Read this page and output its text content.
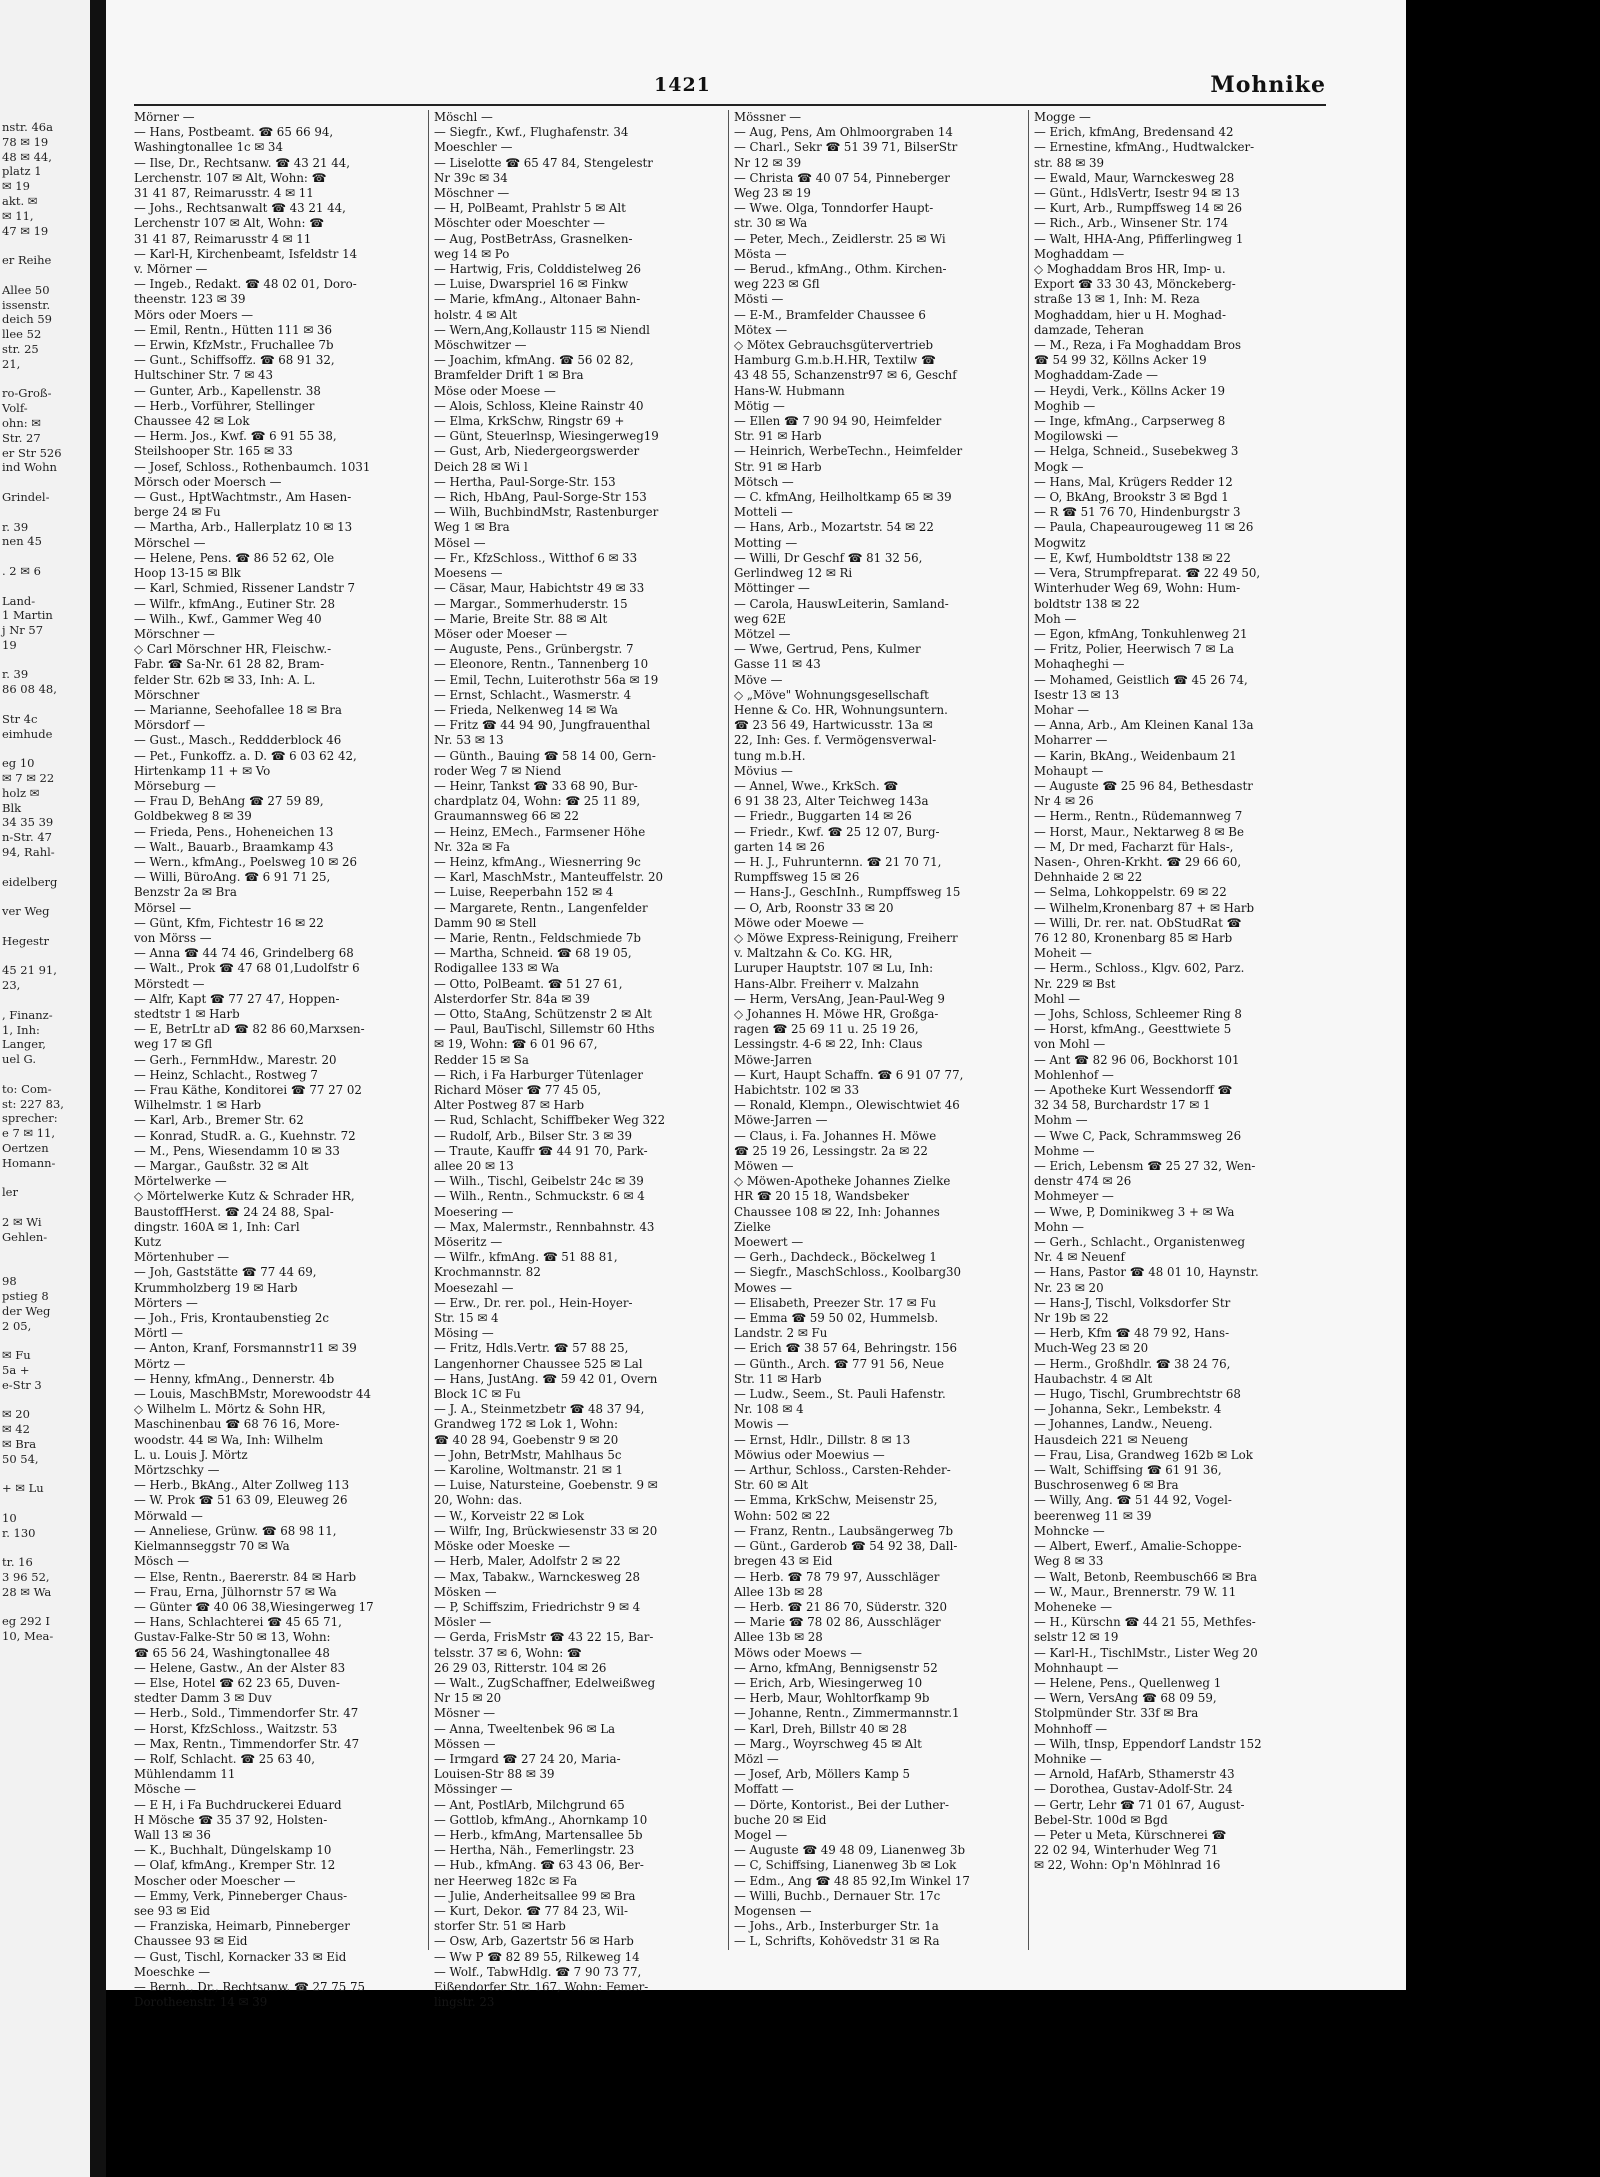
nstr. 46a
78 ✉ 19
48 ✉ 44,
platz 1
✉ 19
akt. ✉
✉ 11,
47 ✉ 19

er Reihe

Allee 50
issenstr.
deich 59
llee 52
str. 25
21,

ro-Groß-
Volf-
ohn: ✉
Str. 27
er Str 526
ind Wohn

Grindel-

r. 39
nen 45

. 2 ✉ 6

Land-
1 Martin
j Nr 57
19

r. 39
86 08 48,

Str 4c
eimhude

eg 10
✉ 7 ✉ 22
holz ✉
Blk
34 35 39
n-Str. 47
94, Rahl-

eidelberg

ver Weg

Hegestr

45 21 91,
23,

, Finanz-
1, Inh:
Langer,
uel G.

to: Com-
st: 227 83,
sprecher:
e 7 ✉ 11,
Oertzen
Homann-

ler

2 ✉ Wi
Gehlen-

98
pstieg 8
der Weg
2 05,

✉ Fu
5a +
e-Str 3

✉ 20
✉ 42
✉ Bra
50 54,

+ ✉ Lu

10
r. 130

tr. 16
3 96 52,
28 ✉ Wa

eg 292 I
10, Mea-
1421	Mohnike
Mörner —
— Hans, Postbeamt. ☎ 65 66 94,
Washingtonallee 1c ✉ 34
— Ilse, Dr., Rechtsanw. ☎ 43 21 44,
Lerchenstr. 107 ✉ Alt, Wohn: ☎
31 41 87, Reimarusstr. 4 ✉ 11
— Johs., Rechtsanwalt ☎ 43 21 44,
Lerchenstr 107 ✉ Alt, Wohn: ☎
31 41 87, Reimarusstr 4 ✉ 11
— Karl-H, Kirchenbeamt, Isfeldstr 14
v. Mörner —
— Ingeb., Redakt. ☎ 48 02 01, Doro-
theenstr. 123 ✉ 39
Mörs oder Moers —
— Emil, Rentn., Hütten 111 ✉ 36
— Erwin, KfzMstr., Fruchallee 7b
— Gunt., Schiffsoffz. ☎ 68 91 32,
Hultschiner Str. 7 ✉ 43
— Gunter, Arb., Kapellenstr. 38
— Herb., Vorführer, Stellinger
Chaussee 42 ✉ Lok
— Herm. Jos., Kwf. ☎ 6 91 55 38,
Steilshooper Str. 165 ✉ 33
— Josef, Schloss., Rothenbaumch. 1031
Mörsch oder Moersch —
— Gust., HptWachtmstr., Am Hasen-
berge 24 ✉ Fu
— Martha, Arb., Hallerplatz 10 ✉ 13
Mörschel —
— Helene, Pens. ☎ 86 52 62, Ole
Hoop 13-15 ✉ Blk
— Karl, Schmied, Rissener Landstr 7
— Wilfr., kfmAng., Eutiner Str. 28
— Wilh., Kwf., Gammer Weg 40
Mörschner —
◇ Carl Mörschner HR, Fleischw.-
Fabr. ☎ Sa-Nr. 61 28 82, Bram-
felder Str. 62b ✉ 33, Inh: A. L.
Mörschner
— Marianne, Seehofallee 18 ✉ Bra
Mörsdorf —
— Gust., Masch., Reddderblock 46
— Pet., Funkoffz. a. D. ☎ 6 03 62 42,
Hirtenkamp 11 + ✉ Vo
Mörseburg —
— Frau D, BehAng ☎ 27 59 89,
Goldbekweg 8 ✉ 39
— Frieda, Pens., Hoheneichen 13
— Walt., Bauarb., Braamkamp 43
— Wern., kfmAng., Poelsweg 10 ✉ 26
— Willi, BüroAng. ☎ 6 91 71 25,
Benzstr 2a ✉ Bra
Mörsel —
— Günt, Kfm, Fichtestr 16 ✉ 22
von Mörss —
— Anna ☎ 44 74 46, Grindelberg 68
— Walt., Prok ☎ 47 68 01,Ludolfstr 6
Mörstedt —
— Alfr, Kapt ☎ 77 27 47, Hoppen-
stedtstr 1 ✉ Harb
— E, BetrLtr aD ☎ 82 86 60,Marxsen-
weg 17 ✉ Gfl
— Gerh., FernmHdw., Marestr. 20
— Heinz, Schlacht., Rostweg 7
— Frau Käthe, Konditorei ☎ 77 27 02
Wilhelmstr. 1 ✉ Harb
— Karl, Arb., Bremer Str. 62
— Konrad, StudR. a. G., Kuehnstr. 72
— M., Pens, Wiesendamm 10 ✉ 33
— Margar., Gaußstr. 32 ✉ Alt
Mörtelwerke —
◇ Mörtelwerke Kutz & Schrader HR,
BaustoffHerst. ☎ 24 24 88, Spal-
dingstr. 160A ✉ 1, Inh: Carl
Kutz
Mörtenhuber —
— Joh, Gaststätte ☎ 77 44 69,
Krummholzberg 19 ✉ Harb
Mörters —
— Joh., Fris, Krontaubenstieg 2c
Mörtl —
— Anton, Kranf, Forsmannstr11 ✉ 39
Mörtz —
— Henny, kfmAng., Dennerstr. 4b
— Louis, MaschBMstr, Morewoodstr 44
◇ Wilhelm L. Mörtz & Sohn HR,
Maschinenbau ☎ 68 76 16, More-
woodstr. 44 ✉ Wa, Inh: Wilhelm
L. u. Louis J. Mörtz
Mörtzschky —
— Herb., BkAng., Alter Zollweg 113
— W. Prok ☎ 51 63 09, Eleuweg 26
Mörwald —
— Anneliese, Grünw. ☎ 68 98 11,
Kielmannseggstr 70 ✉ Wa
Mösch —
— Else, Rentn., Baererstr. 84 ✉ Harb
— Frau, Erna, Jülhornstr 57 ✉ Wa
— Günter ☎ 40 06 38,Wiesingerweg 17
— Hans, Schlachterei ☎ 45 65 71,
Gustav-Falke-Str 50 ✉ 13, Wohn:
☎ 65 56 24, Washingtonallee 48
— Helene, Gastw., An der Alster 83
— Else, Hotel ☎ 62 23 65, Duven-
stedter Damm 3 ✉ Duv
— Herb., Sold., Timmendorfer Str. 47
— Horst, KfzSchloss., Waitzstr. 53
— Max, Rentn., Timmendorfer Str. 47
— Rolf, Schlacht. ☎ 25 63 40,
Mühlendamm 11
Mösche —
— E H, i Fa Buchdruckerei Eduard
H Mösche ☎ 35 37 92, Holsten-
Wall 13 ✉ 36
— K., Buchhalt, Düngelskamp 10
— Olaf, kfmAng., Kremper Str. 12
Moscher oder Moescher —
— Emmy, Verk, Pinneberger Chaus-
see 93 ✉ Eid
— Franziska, Heimarb, Pinneberger
Chaussee 93 ✉ Eid
— Gust, Tischl, Kornacker 33 ✉ Eid
Moeschke —
— Bernh., Dr., Rechtsanw. ☎ 27 75 75
Dorotheenstr. 14 ✉ 39
Möschl —
— Siegfr., Kwf., Flughafenstr. 34
Moeschler —
— Liselotte ☎ 65 47 84, Stengelestr
Nr 39c ✉ 34
Möschner —
— H, PolBeamt, Prahlstr 5 ✉ Alt
Möschter oder Moeschter —
— Aug, PostBetrAss, Grasnelken-
weg 14 ✉ Po
— Hartwig, Fris, Colddistelweg 26
— Luise, Dwarspriel 16 ✉ Finkw
— Marie, kfmAng., Altonaer Bahn-
holstr. 4 ✉ Alt
— Wern,Ang,Kollaustr 115 ✉ Niendl
Möschwitzer —
— Joachim, kfmAng. ☎ 56 02 82,
Bramfelder Drift 1 ✉ Bra
Möse oder Moese —
— Alois, Schloss, Kleine Rainstr 40
— Elma, KrkSchw, Ringstr 69 +
— Günt, Steuerlnsp, Wiesingerweg19
— Gust, Arb, Niedergeorgswerder
Deich 28 ✉ Wi l
— Hertha, Paul-Sorge-Str. 153
— Rich, HbAng, Paul-Sorge-Str 153
— Wilh, BuchbindMstr, Rastenburger
Weg 1 ✉ Bra
Mösel —
— Fr., KfzSchloss., Witthof 6 ✉ 33
Moesens —
— Cäsar, Maur, Habichtstr 49 ✉ 33
— Margar., Sommerhuderstr. 15
— Marie, Breite Str. 88 ✉ Alt
Möser oder Moeser —
— Auguste, Pens., Grünbergstr. 7
— Eleonore, Rentn., Tannenberg 10
— Emil, Techn, Luiterothstr 56a ✉ 19
— Ernst, Schlacht., Wasmerstr. 4
— Frieda, Nelkenweg 14 ✉ Wa
— Fritz ☎ 44 94 90, Jungfrauenthal
Nr. 53 ✉ 13
— Günth., Bauing ☎ 58 14 00, Gern-
roder Weg 7 ✉ Niend
— Heinr, Tankst ☎ 33 68 90, Bur-
chardplatz 04, Wohn: ☎ 25 11 89,
Graumannsweg 66 ✉ 22
— Heinz, EMech., Farmsener Höhe
Nr. 32a ✉ Fa
— Heinz, kfmAng., Wiesnerring 9c
— Karl, MaschMstr., Manteuffelstr. 20
— Luise, Reeperbahn 152 ✉ 4
— Margarete, Rentn., Langenfelder
Damm 90 ✉ Stell
— Marie, Rentn., Feldschmiede 7b
— Martha, Schneid. ☎ 68 19 05,
Rodigallee 133 ✉ Wa
— Otto, PolBeamt. ☎ 51 27 61,
Alsterdorfer Str. 84a ✉ 39
— Otto, StaAng, Schützenstr 2 ✉ Alt
— Paul, BauTischl, Sillemstr 60 Hths
✉ 19, Wohn: ☎ 6 01 96 67,
Redder 15 ✉ Sa
— Rich, i Fa Harburger Tütenlager
Richard Möser ☎ 77 45 05,
Alter Postweg 87 ✉ Harb
— Rud, Schlacht, Schiffbeker Weg 322
— Rudolf, Arb., Bilser Str. 3 ✉ 39
— Traute, Kauffr ☎ 44 91 70, Park-
allee 20 ✉ 13
— Wilh., Tischl, Geibelstr 24c ✉ 39
— Wilh., Rentn., Schmuckstr. 6 ✉ 4
Moesering —
— Max, Malermstr., Rennbahnstr. 43
Möseritz —
— Wilfr., kfmAng. ☎ 51 88 81,
Krochmannstr. 82
Moesezahl —
— Erw., Dr. rer. pol., Hein-Hoyer-
Str. 15 ✉ 4
Mösing —
— Fritz, Hdls.Vertr. ☎ 57 88 25,
Langenhorner Chaussee 525 ✉ Lal
— Hans, JustAng. ☎ 59 42 01, Overn
Block 1C ✉ Fu
— J. A., Steinmetzbetr ☎ 48 37 94,
Grandweg 172 ✉ Lok 1, Wohn:
☎ 40 28 94, Goebenstr 9 ✉ 20
— John, BetrMstr, Mahlhaus 5c
— Karoline, Woltmanstr. 21 ✉ 1
— Luise, Natursteine, Goebenstr. 9 ✉
20, Wohn: das.
— W., Korveistr 22 ✉ Lok
— Wilfr, Ing, Brückwiesenstr 33 ✉ 20
Möske oder Moeske —
— Herb, Maler, Adolfstr 2 ✉ 22
— Max, Tabakw., Warnckesweg 28
Mösken —
— P, Schiffszim, Friedrichstr 9 ✉ 4
Mösler —
— Gerda, FrisMstr ☎ 43 22 15, Bar-
telsstr. 37 ✉ 6, Wohn: ☎
26 29 03, Ritterstr. 104 ✉ 26
— Walt., ZugSchaffner, Edelweißweg
Nr 15 ✉ 20
Mösner —
— Anna, Tweeltenbek 96 ✉ La
Mössen —
— Irmgard ☎ 27 24 20, Maria-
Louisen-Str 88 ✉ 39
Mössinger —
— Ant, PostlArb, Milchgrund 65
— Gottlob, kfmAng., Ahornkamp 10
— Herb., kfmAng, Martensallee 5b
— Hertha, Näh., Femerlingstr. 23
— Hub., kfmAng. ☎ 63 43 06, Ber-
ner Heerweg 182c ✉ Fa
— Julie, Anderheitsallee 99 ✉ Bra
— Kurt, Dekor. ☎ 77 84 23, Wil-
storfer Str. 51 ✉ Harb
— Osw, Arb, Gazertstr 56 ✉ Harb
— Ww P ☎ 82 89 55, Rilkeweg 14
— Wolf., TabwHdlg. ☎ 7 90 73 77,
Eißendorfer Str. 167, Wohn: Femer-
lingstr. 23
Mössner —
— Aug, Pens, Am Ohlmoorgraben 14
— Charl., Sekr ☎ 51 39 71, BilserStr
Nr 12 ✉ 39
— Christa ☎ 40 07 54, Pinneberger
Weg 23 ✉ 19
— Wwe. Olga, Tonndorfer Haupt-
str. 30 ✉ Wa
— Peter, Mech., Zeidlerstr. 25 ✉ Wi
Mösta —
— Berud., kfmAng., Othm. Kirchen-
weg 223 ✉ Gfl
Mösti —
— E-M., Bramfelder Chaussee 6
Mötex —
◇ Mötex Gebrauchsgütervertrieb
Hamburg G.m.b.H.HR, Textilw ☎
43 48 55, Schanzenstr97 ✉ 6, Geschf
Hans-W. Hubmann
Mötig —
— Ellen ☎ 7 90 94 90, Heimfelder
Str. 91 ✉ Harb
— Heinrich, WerbeTechn., Heimfelder
Str. 91 ✉ Harb
Mötsch —
— C. kfmAng, Heilholtkamp 65 ✉ 39
Motteli —
— Hans, Arb., Mozartstr. 54 ✉ 22
Motting —
— Willi, Dr Geschf ☎ 81 32 56,
Gerlindweg 12 ✉ Ri
Möttinger —
— Carola, HauswLeiterin, Samland-
weg 62E
Mötzel —
— Wwe, Gertrud, Pens, Kulmer
Gasse 11 ✉ 43
Möve —
◇ „Möve" Wohnungsgesellschaft
Henne & Co. HR, Wohnungsuntern.
☎ 23 56 49, Hartwicusstr. 13a ✉
22, Inh: Ges. f. Vermögensverwal-
tung m.b.H.
Mövius —
— Annel, Wwe., KrkSch. ☎
6 91 38 23, Alter Teichweg 143a
— Friedr., Buggarten 14 ✉ 26
— Friedr., Kwf. ☎ 25 12 07, Burg-
garten 14 ✉ 26
— H. J., Fuhrunternn. ☎ 21 70 71,
Rumpffsweg 15 ✉ 26
— Hans-J., GeschInh., Rumpffsweg 15
— O, Arb, Roonstr 33 ✉ 20
Möwe oder Moewe —
◇ Möwe Express-Reinigung, Freiherr
v. Maltzahn & Co. KG. HR,
Luruper Hauptstr. 107 ✉ Lu, Inh:
Hans-Albr. Freiherr v. Malzahn
— Herm, VersAng, Jean-Paul-Weg 9
◇ Johannes H. Möwe HR, Großga-
ragen ☎ 25 69 11 u. 25 19 26,
Lessingstr. 4-6 ✉ 22, Inh: Claus
Möwe-Jarren
— Kurt, Haupt Schaffn. ☎ 6 91 07 77,
Habichtstr. 102 ✉ 33
— Ronald, Klempn., Olewischtwiet 46
Möwe-Jarren —
— Claus, i. Fa. Johannes H. Möwe
☎ 25 19 26, Lessingstr. 2a ✉ 22
Möwen —
◇ Möwen-Apotheke Johannes Zielke
HR ☎ 20 15 18, Wandsbeker
Chaussee 108 ✉ 22, Inh: Johannes
Zielke
Moewert —
— Gerh., Dachdeck., Böckelweg 1
— Siegfr., MaschSchloss., Koolbarg30
Mowes —
— Elisabeth, Preezer Str. 17 ✉ Fu
— Emma ☎ 59 50 02, Hummelsb.
Landstr. 2 ✉ Fu
— Erich ☎ 38 57 64, Behringstr. 156
— Günth., Arch. ☎ 77 91 56, Neue
Str. 11 ✉ Harb
— Ludw., Seem., St. Pauli Hafenstr.
Nr. 108 ✉ 4
Mowis —
— Ernst, Hdlr., Dillstr. 8 ✉ 13
Möwius oder Moewius —
— Arthur, Schloss., Carsten-Rehder-
Str. 60 ✉ Alt
— Emma, KrkSchw, Meisenstr 25,
Wohn: 502 ✉ 22
— Franz, Rentn., Laubsängerweg 7b
— Günt., Garderob ☎ 54 92 38, Dall-
bregen 43 ✉ Eid
— Herb. ☎ 78 79 97, Ausschläger
Allee 13b ✉ 28
— Herb. ☎ 21 86 70, Süderstr. 320
— Marie ☎ 78 02 86, Ausschläger
Allee 13b ✉ 28
Möws oder Moews —
— Arno, kfmAng, Bennigsenstr 52
— Erich, Arb, Wiesingerweg 10
— Herb, Maur, Wohltorfkamp 9b
— Johanne, Rentn., Zimmermannstr.1
— Karl, Dreh, Billstr 40 ✉ 28
— Marg., Woyrschweg 45 ✉ Alt
Mözl —
— Josef, Arb, Möllers Kamp 5
Moffatt —
— Dörte, Kontorist., Bei der Luther-
buche 20 ✉ Eid
Mogel —
— Auguste ☎ 49 48 09, Lianenweg 3b
— C, Schiffsing, Lianenweg 3b ✉ Lok
— Edm., Ang ☎ 48 85 92,Im Winkel 17
— Willi, Buchb., Dernauer Str. 17c
Mogensen —
— Johs., Arb., Insterburger Str. 1a
— L, Schrifts, Kohövedstr 31 ✉ Ra
Mogge —
— Erich, kfmAng, Bredensand 42
— Ernestine, kfmAng., Hudtwalcker-
str. 88 ✉ 39
— Ewald, Maur, Warnckesweg 28
— Günt., HdlsVertr, Isestr 94 ✉ 13
— Kurt, Arb., Rumpffsweg 14 ✉ 26
— Rich., Arb., Winsener Str. 174
— Walt, HHA-Ang, Pfifferlingweg 1
Moghaddam —
◇ Moghaddam Bros HR, Imp- u.
Export ☎ 33 30 43, Mönckeberg-
straße 13 ✉ 1, Inh: M. Reza
Moghaddam, hier u H. Moghad-
damzade, Teheran
— M., Reza, i Fa Moghaddam Bros
☎ 54 99 32, Köllns Acker 19
Moghaddam-Zade —
— Heydi, Verk., Köllns Acker 19
Moghib —
— Inge, kfmAng., Carpserweg 8
Mogilowski —
— Helga, Schneid., Susebekweg 3
Mogk —
— Hans, Mal, Krügers Redder 12
— O, BkAng, Brookstr 3 ✉ Bgd 1
— R ☎ 51 76 70, Hindenburgstr 3
— Paula, Chapeaurougeweg 11 ✉ 26
Mogwitz
— E, Kwf, Humboldtstr 138 ✉ 22
— Vera, Strumpfreparat. ☎ 22 49 50,
Winterhuder Weg 69, Wohn: Hum-
boldtstr 138 ✉ 22
Moh —
— Egon, kfmAng, Tonkuhlenweg 21
— Fritz, Polier, Heerwisch 7 ✉ La
Mohaqheghi —
— Mohamed, Geistlich ☎ 45 26 74,
Isestr 13 ✉ 13
Mohar —
— Anna, Arb., Am Kleinen Kanal 13a
Moharrer —
— Karin, BkAng., Weidenbaum 21
Mohaupt —
— Auguste ☎ 25 96 84, Bethesdastr
Nr 4 ✉ 26
— Herm., Rentn., Rüdemannweg 7
— Horst, Maur., Nektarweg 8 ✉ Be
— M, Dr med, Facharzt für Hals-,
Nasen-, Ohren-Krkht. ☎ 29 66 60,
Dehnhaide 2 ✉ 22
— Selma, Lohkoppelstr. 69 ✉ 22
— Wilhelm,Kronenbarg 87 + ✉ Harb
— Willi, Dr. rer. nat. ObStudRat ☎
76 12 80, Kronenbarg 85 ✉ Harb
Moheit —
— Herm., Schloss., Klgv. 602, Parz.
Nr. 229 ✉ Bst
Mohl —
— Johs, Schloss, Schleemer Ring 8
— Horst, kfmAng., Geesttwiete 5
von Mohl —
— Ant ☎ 82 96 06, Bockhorst 101
Mohlenhof —
— Apotheke Kurt Wessendorff ☎
32 34 58, Burchardstr 17 ✉ 1
Mohm —
— Wwe C, Pack, Schrammsweg 26
Mohme —
— Erich, Lebensm ☎ 25 27 32, Wen-
denstr 474 ✉ 26
Mohmeyer —
— Wwe, P, Dominikweg 3 + ✉ Wa
Mohn —
— Gerh., Schlacht., Organistenweg
Nr. 4 ✉ Neuenf
— Hans, Pastor ☎ 48 01 10, Haynstr.
Nr. 23 ✉ 20
— Hans-J, Tischl, Volksdorfer Str
Nr 19b ✉ 22
— Herb, Kfm ☎ 48 79 92, Hans-
Much-Weg 23 ✉ 20
— Herm., Großhdlr. ☎ 38 24 76,
Haubachstr. 4 ✉ Alt
— Hugo, Tischl, Grumbrechtstr 68
— Johanna, Sekr., Lembekstr. 4
— Johannes, Landw., Neueng.
Hausdeich 221 ✉ Neueng
— Frau, Lisa, Grandweg 162b ✉ Lok
— Walt, Schiffsing ☎ 61 91 36,
Buschrosenweg 6 ✉ Bra
— Willy, Ang. ☎ 51 44 92, Vogel-
beerenweg 11 ✉ 39
Mohncke —
— Albert, Ewerf., Amalie-Schoppe-
Weg 8 ✉ 33
— Walt, Betonb, Reembusch66 ✉ Bra
— W., Maur., Brennerstr. 79 W. 11
Moheneke —
— H., Kürschn ☎ 44 21 55, Methfes-
selstr 12 ✉ 19
— Karl-H., TischlMstr., Lister Weg 20
Mohnhaupt —
— Helene, Pens., Quellenweg 1
— Wern, VersAng ☎ 68 09 59,
Stolpmünder Str. 33f ✉ Bra
Mohnhoff —
— Wilh, tInsp, Eppendorf Landstr 152
Mohnike —
— Arnold, HafArb, Sthamerstr 43
— Dorothea, Gustav-Adolf-Str. 24
— Gertr, Lehr ☎ 71 01 67, August-
Bebel-Str. 100d ✉ Bgd
— Peter u Meta, Kürschnerei ☎
22 02 94, Winterhuder Weg 71
✉ 22, Wohn: Op'n Möhlnrad 16
